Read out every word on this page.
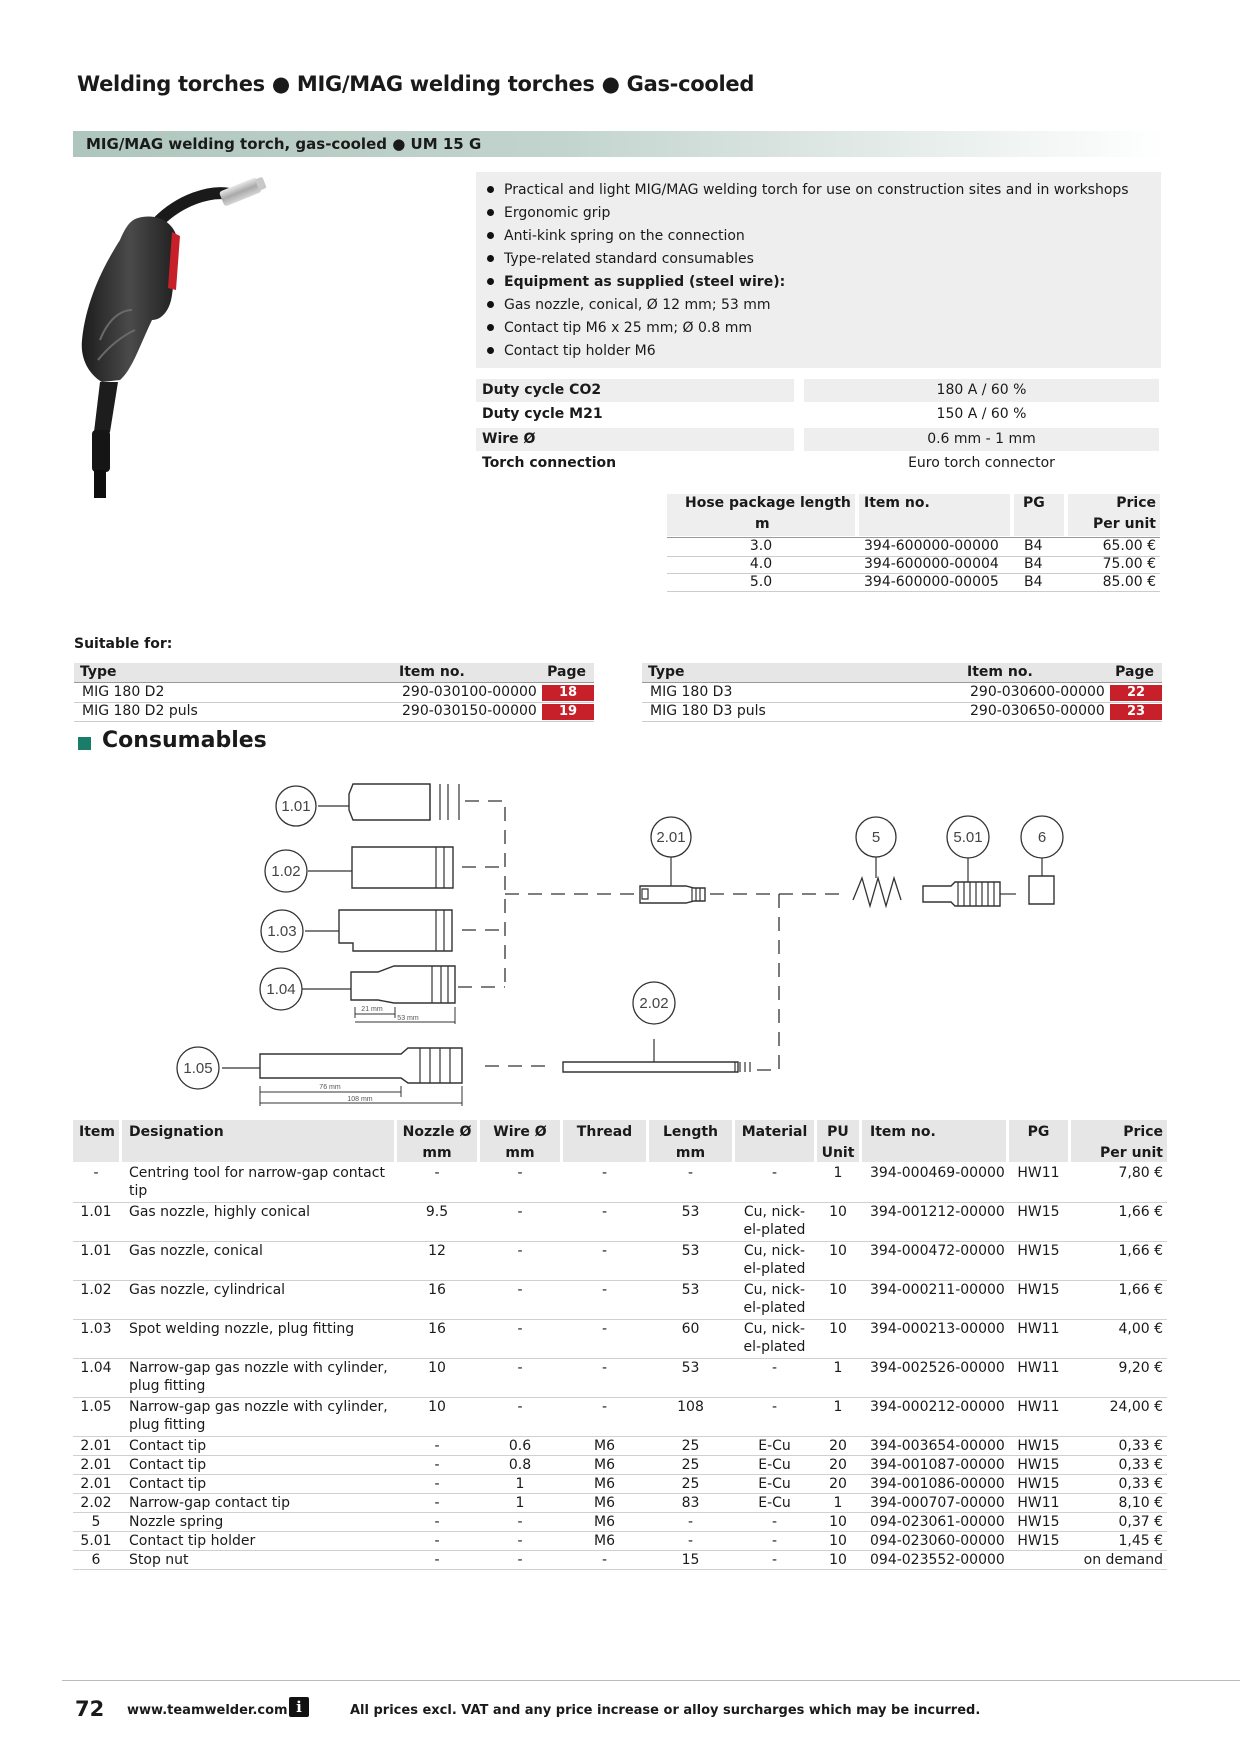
Welding torches ● MIG/MAG welding torches ● Gas-cooled
MIG/MAG welding torch, gas-cooled ● UM 15 G
Practical and light MIG/MAG welding torch for use on construction sites and in workshops
Ergonomic grip
Anti-kink spring on the connection
Type-related standard consumables
Equipment as supplied (steel wire):
Gas nozzle, conical, Ø 12 mm; 53 mm
Contact tip M6 x 25 mm; Ø 0.8 mm
Contact tip holder M6
Duty cycle CO2	180 A / 60 %
Duty cycle M21	150 A / 60 %
Wire Ø	0.6 mm - 1 mm
Torch connection	Euro torch connector
Hose package length
m
Item no.	PG	Price
Per unit
3.0	394-600000-00000 B4	65.00 €
4.0	394-600000-00004 B4	75.00 €
5.0	394-600000-00005 B4	85.00 €
Suitable for:
Type	Item no.	Page
MIG 180 D2	290-030100-00000	18
MIG 180 D2 puls	290-030150-00000	19
Type	Item no.	Page
MIG 180 D3	290-030600-00000	22
MIG 180 D3 puls	290-030650-00000	23
Consumables
1.01
1.02
1.03
1.04
1.05
2.01
2.02
5	5.01	6
21 mm
53 mm
76 mm
108 mm
Item Designation	Nozzle Ø
mm
Wire Ø
mm
Thread	Length
mm
Material	PU
Unit
Item no.	PG	Price
Per unit
-	Centring tool for narrow-gap contact	-	-	-	-	-	1	394-000469-00000 HW11	7,80 €
tip
1.01	Gas nozzle, highly conical	9.5	-	-	53	Cu, nick-	10	394-001212-00000 HW15	1,66 €
el-plated
1.01	Gas nozzle, conical	12	-	-	53	Cu, nick-	10	394-000472-00000 HW15	1,66 €
el-plated
1.02	Gas nozzle, cylindrical	16	-	-	53	Cu, nick-	10	394-000211-00000 HW15	1,66 €
el-plated
1.03	Spot welding nozzle, plug fitting	16	-	-	60	Cu, nick-	10	394-000213-00000 HW11	4,00 €
el-plated
1.04	Narrow-gap gas nozzle with cylinder,	10	-	-	53	-	1	394-002526-00000 HW11	9,20 €
plug fitting
1.05	Narrow-gap gas nozzle with cylinder,	10	-	-	108	-	1	394-000212-00000 HW11	24,00 €
plug fitting
2.01	Contact tip	-	0.6	M6	25	E-Cu	20	394-003654-00000 HW15	0,33 €
2.01	Contact tip	-	0.8	M6	25	E-Cu	20	394-001087-00000 HW15	0,33 €
2.01	Contact tip	-	1	M6	25	E-Cu	20	394-001086-00000 HW15	0,33 €
2.02	Narrow-gap contact tip	-	1	M6	83	E-Cu	1	394-000707-00000 HW11	8,10 €
5	Nozzle spring	-	-	M6	-	-	10	094-023061-00000 HW15	0,37 €
5.01	Contact tip holder	-	-	M6	-	-	10	094-023060-00000 HW15	1,45 €
6	Stop nut	-	-	-	15	-	10	094-023552-00000	on demand
72 www.teamwelder.com i	All prices excl. VAT and any price increase or alloy surcharges which may be incurred.
